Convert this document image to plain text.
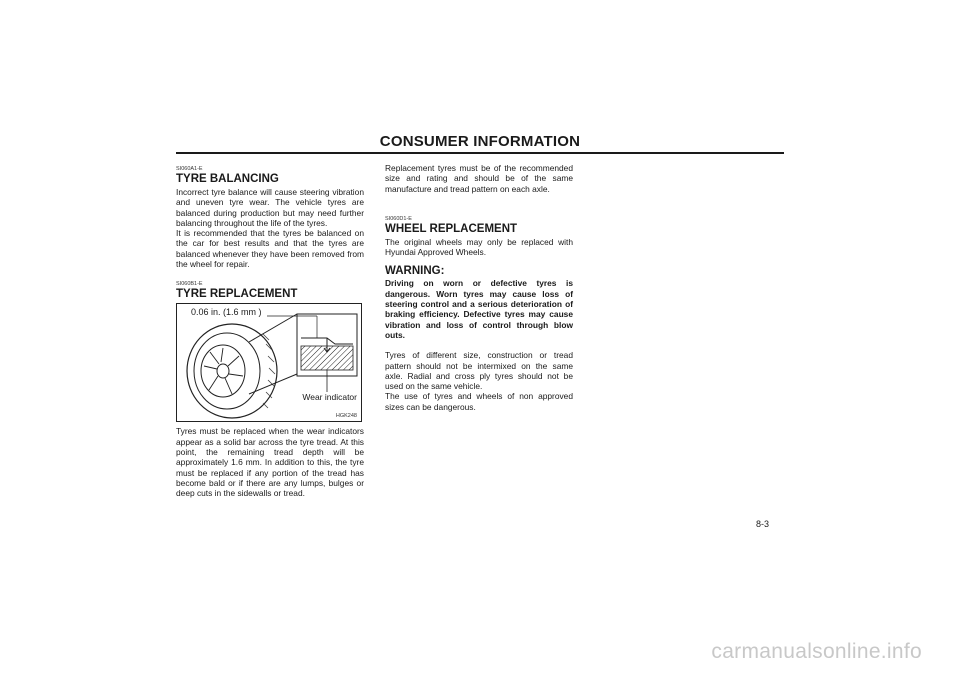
CONSUMER INFORMATION
SI060A1-E
TYRE BALANCING

Incorrect tyre balance will cause steering vibration and uneven tyre wear. The vehicle tyres are balanced during production but may need further balancing throughout the life of the tyres.

It is recommended that the tyres be balanced on the car for best results and that the tyres are balanced whenever they have been removed from the wheel for repair.

SI060B1-E
TYRE REPLACEMENT
0.06 in. (1.6 mm )
Wear indicator
HGK248

Tyres must be replaced when the wear indicators appear as a solid bar across the tyre tread. At this point, the remaining tread depth will be approximately 1.6 mm. In addition to this, the tyre must be replaced if any portion of the tread has become bald or if there are any lumps, bulges or deep cuts in the sidewalls or tread.

Replacement tyres must be of the recommended size and rating and should be of the same manufacture and tread pattern on each axle.

SI060D1-E
WHEEL REPLACEMENT

The original wheels may only be replaced with Hyundai Approved Wheels.

WARNING:

Driving on worn or defective tyres is dangerous. Worn tyres may cause loss of steering control and a serious deterioration of braking efficiency. Defective tyres may cause vibration and loss of control through blow outs.

Tyres of different size, construction or tread pattern should not be intermixed on the same axle. Radial and cross ply tyres should not be used on the same vehicle.

The use of tyres and wheels of non approved sizes can be dangerous.

8-3
carmanualsonline.info
